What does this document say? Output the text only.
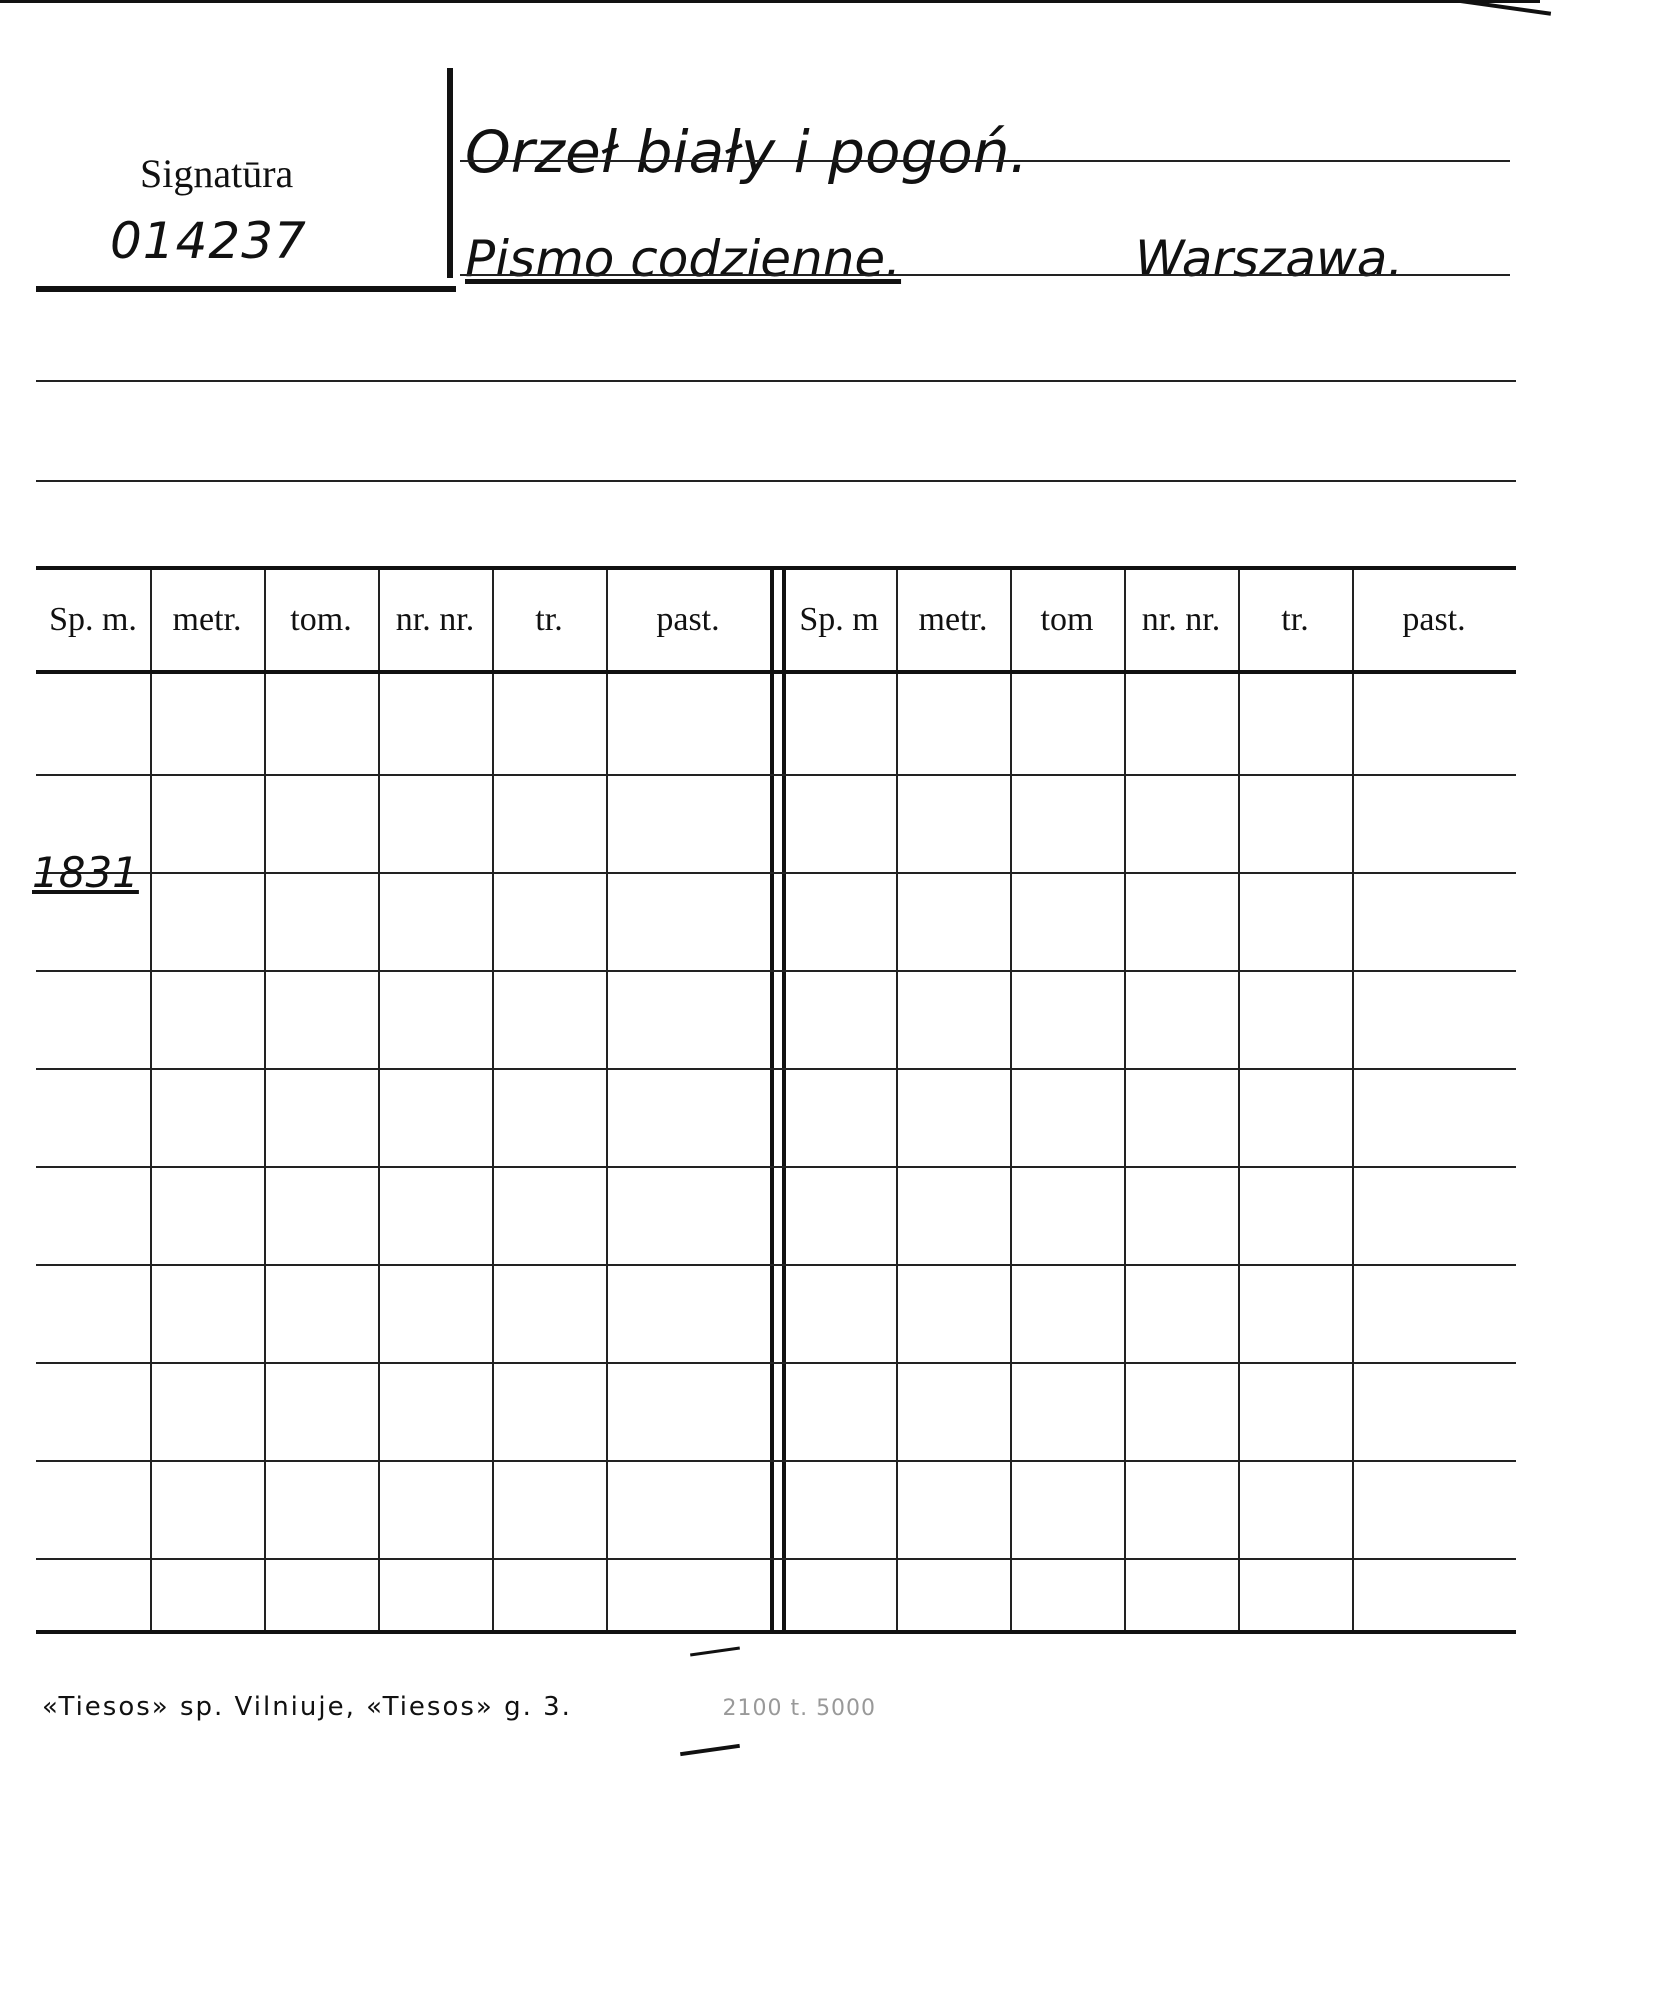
Signatūra
014237
Orzeł biały i pogoń.
Pismo codzienne.	Warszawa.
Sp. m.	metr.	tom.	nr. nr.	tr.	past.	Sp. m	metr.	tom	nr. nr.	tr.	past.
1831
«Tiesos» sp. Vilniuje, «Tiesos» g. 3.	2100 t. 5000
